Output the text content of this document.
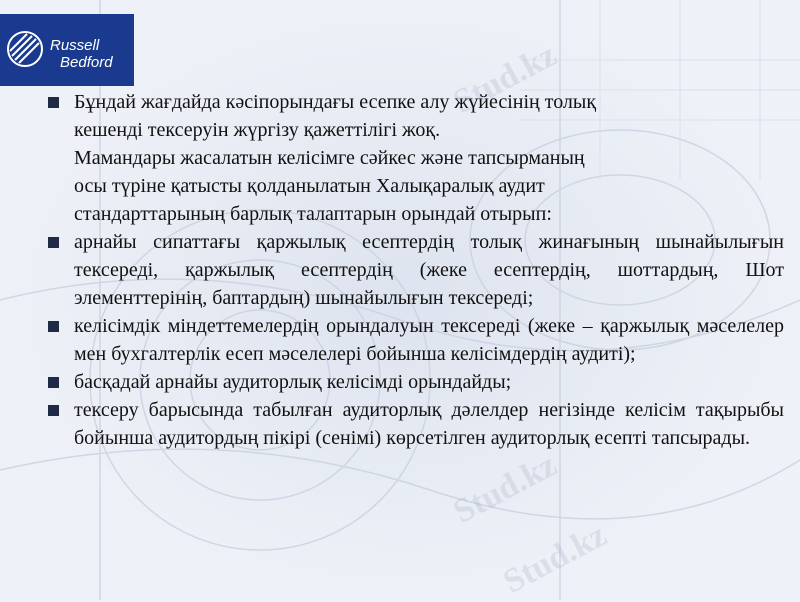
Stud.kz
Stud.kz
Stud.kz
Russell
Bedford
Бұндай жағдайда кәсіпорындағы есепке алу жүйесінің толық
кешенді тексеруін жүргізу қажеттілігі жоқ.
Мамандары жасалатын келісімге сәйкес және тапсырманың
осы түріне қатысты қолданылатын Халықаралық аудит
стандарттарының барлық талаптарын орындай отырып:
арнайы сипаттағы қаржылық есептердің толық жинағының шынайылығын тексереді, қаржылық есептердің (жеке есептердің, шоттардың, Шот элементтерінің, баптардың) шынайылығын тексереді;
келісімдік міндеттемелердің орындалуын тексереді (жеке – қаржылық мәселелер мен бухгалтерлік есеп мәселелері бойынша келісімдердің аудиті);
басқадай арнайы аудиторлық келісімді орындайды;
тексеру барысында табылған аудиторлық дәлелдер негізінде келісім тақырыбы бойынша аудитордың пікірі (сенімі) көрсетілген аудиторлық есепті тапсырады.
